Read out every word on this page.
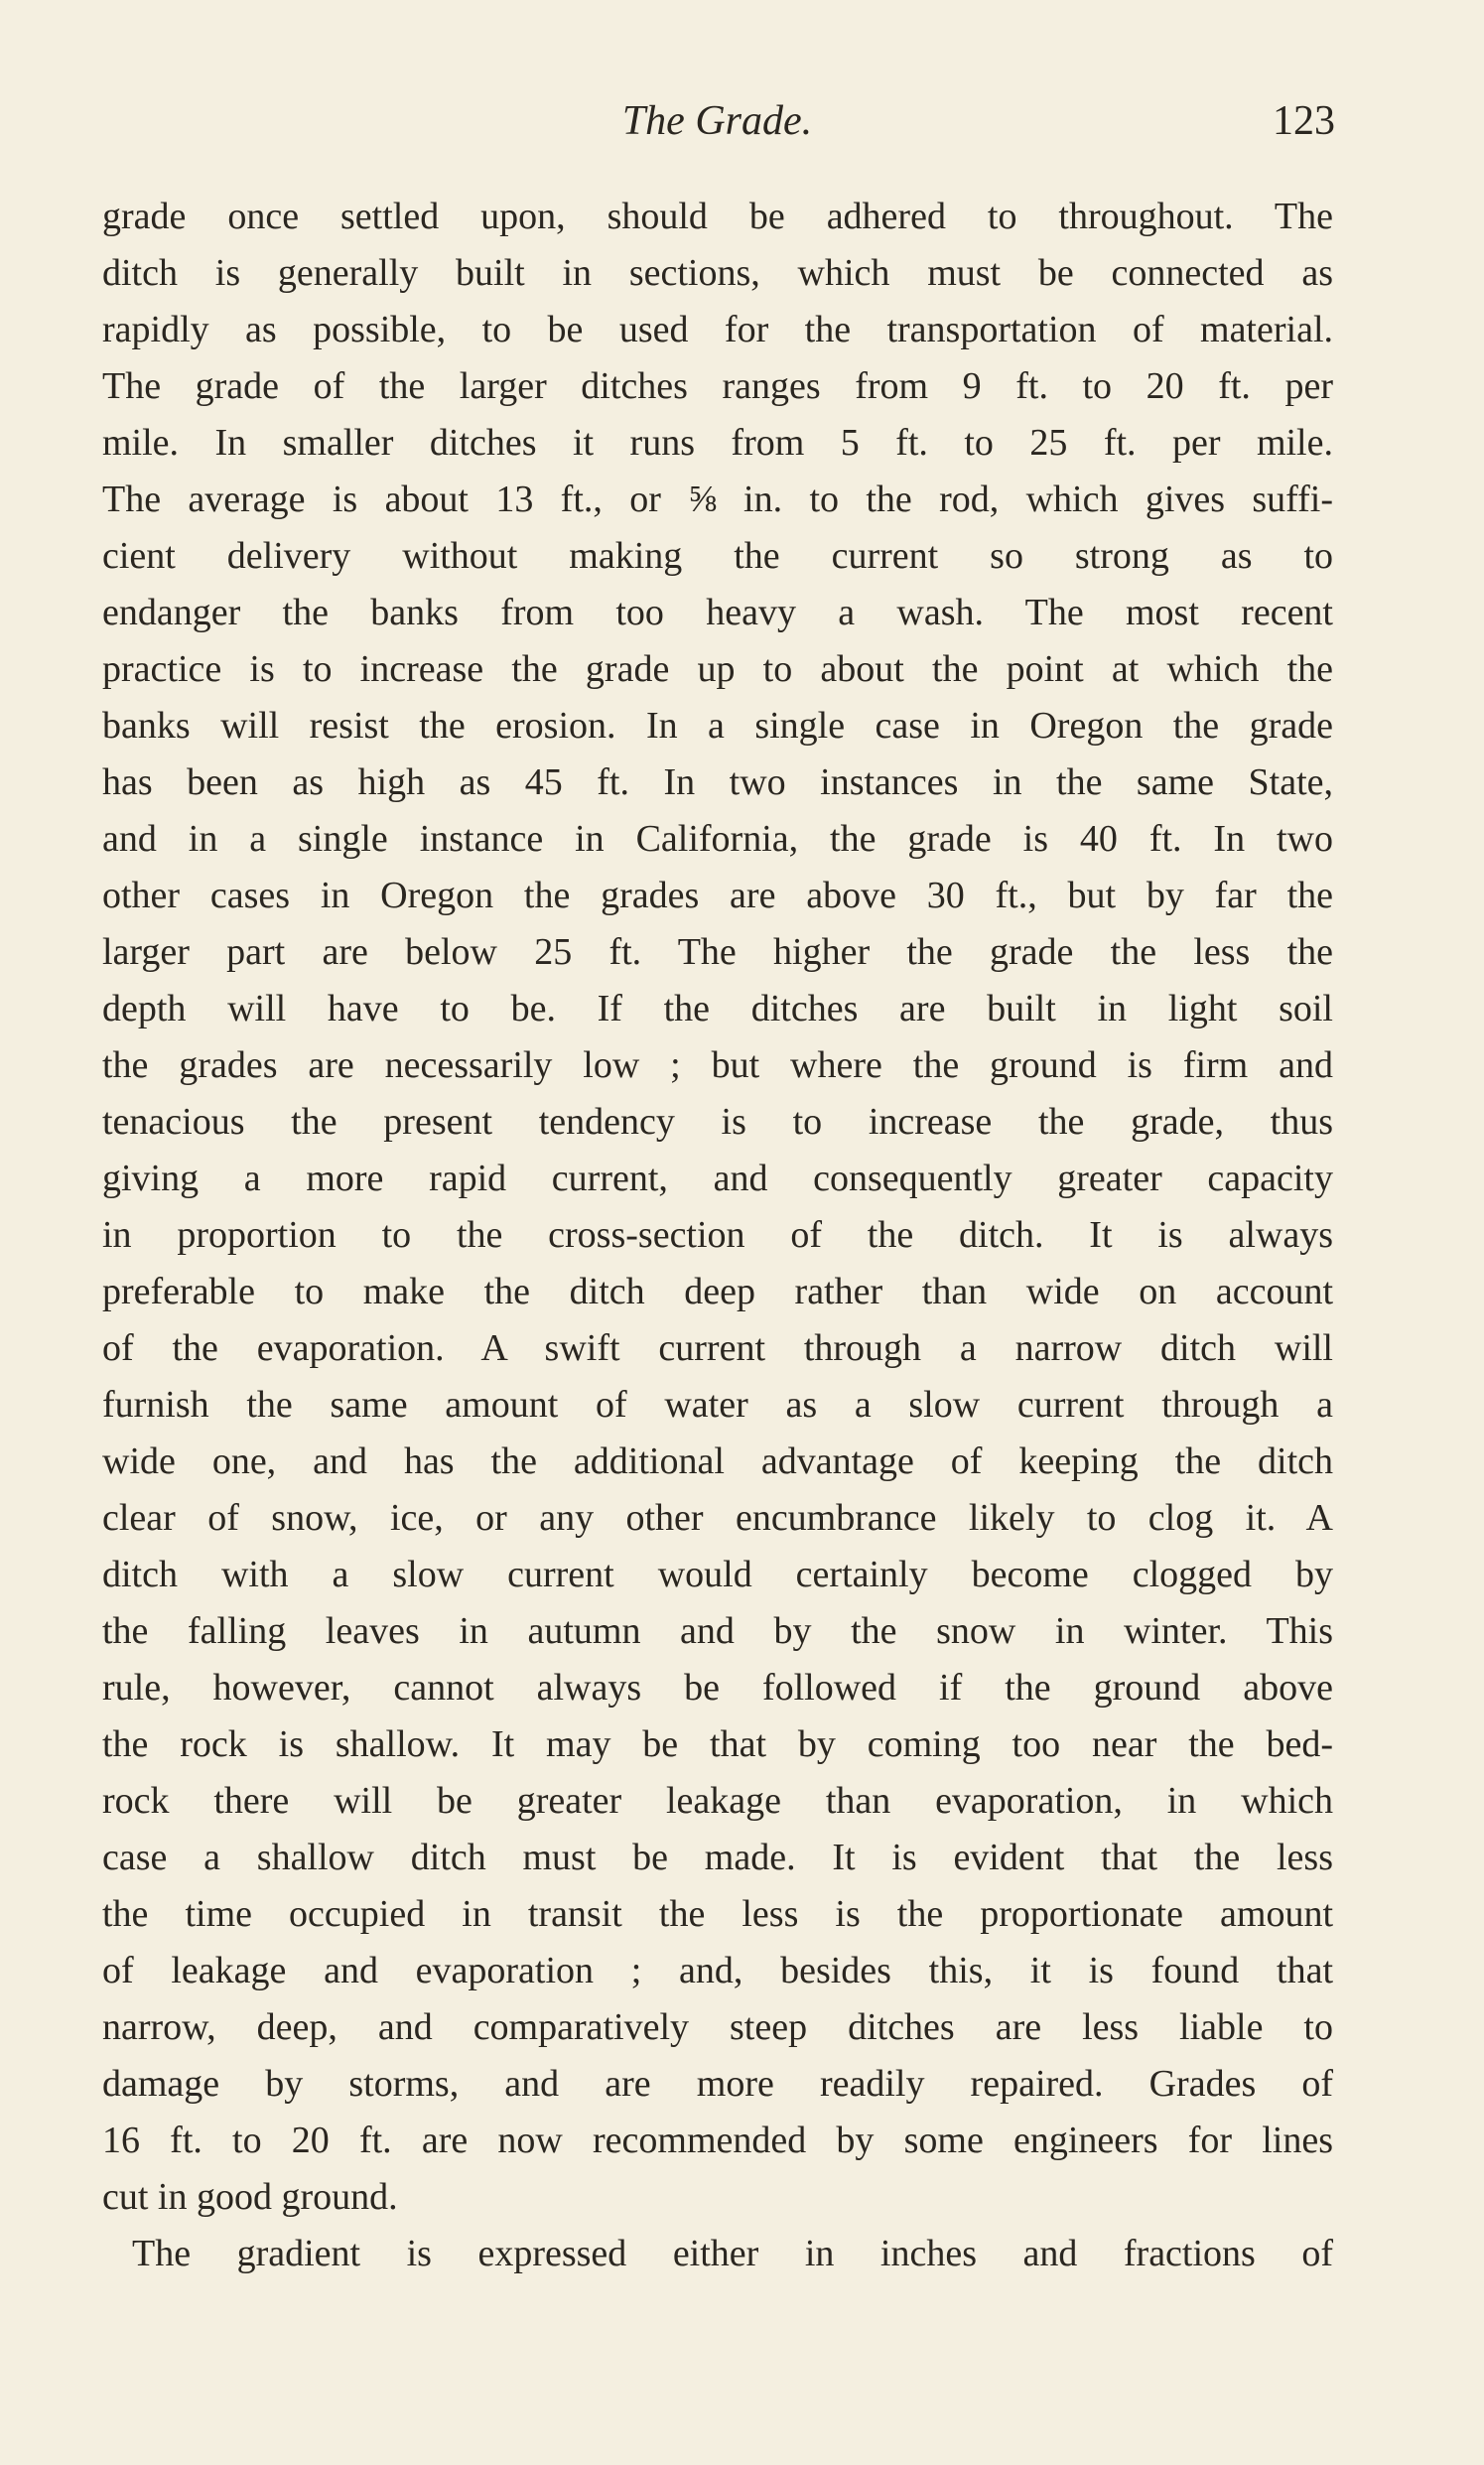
The Grade.	123
grade once settled upon, should be adhered to throughout. The
ditch is generally built in sections, which must be connected as
rapidly as possible, to be used for the transportation of material.
The grade of the larger ditches ranges from 9 ft. to 20 ft. per
mile. In smaller ditches it runs from 5 ft. to 25 ft. per mile.
The average is about 13 ft., or ⅝ in. to the rod, which gives suffi-
cient delivery without making the current so strong as to
endanger the banks from too heavy a wash. The most recent
practice is to increase the grade up to about the point at which the
banks will resist the erosion. In a single case in Oregon the grade
has been as high as 45 ft. In two instances in the same State,
and in a single instance in California, the grade is 40 ft. In two
other cases in Oregon the grades are above 30 ft., but by far the
larger part are below 25 ft. The higher the grade the less the
depth will have to be. If the ditches are built in light soil
the grades are necessarily low ; but where the ground is firm and
tenacious the present tendency is to increase the grade, thus
giving a more rapid current, and consequently greater capacity
in proportion to the cross-section of the ditch. It is always
preferable to make the ditch deep rather than wide on account
of the evaporation. A swift current through a narrow ditch will
furnish the same amount of water as a slow current through a
wide one, and has the additional advantage of keeping the ditch
clear of snow, ice, or any other encumbrance likely to clog it. A
ditch with a slow current would certainly become clogged by
the falling leaves in autumn and by the snow in winter. This
rule, however, cannot always be followed if the ground above
the rock is shallow. It may be that by coming too near the bed-
rock there will be greater leakage than evaporation, in which
case a shallow ditch must be made. It is evident that the less
the time occupied in transit the less is the proportionate amount
of leakage and evaporation ; and, besides this, it is found that
narrow, deep, and comparatively steep ditches are less liable to
damage by storms, and are more readily repaired. Grades of
16 ft. to 20 ft. are now recommended by some engineers for lines
cut in good ground.
The gradient is expressed either in inches and fractions of
